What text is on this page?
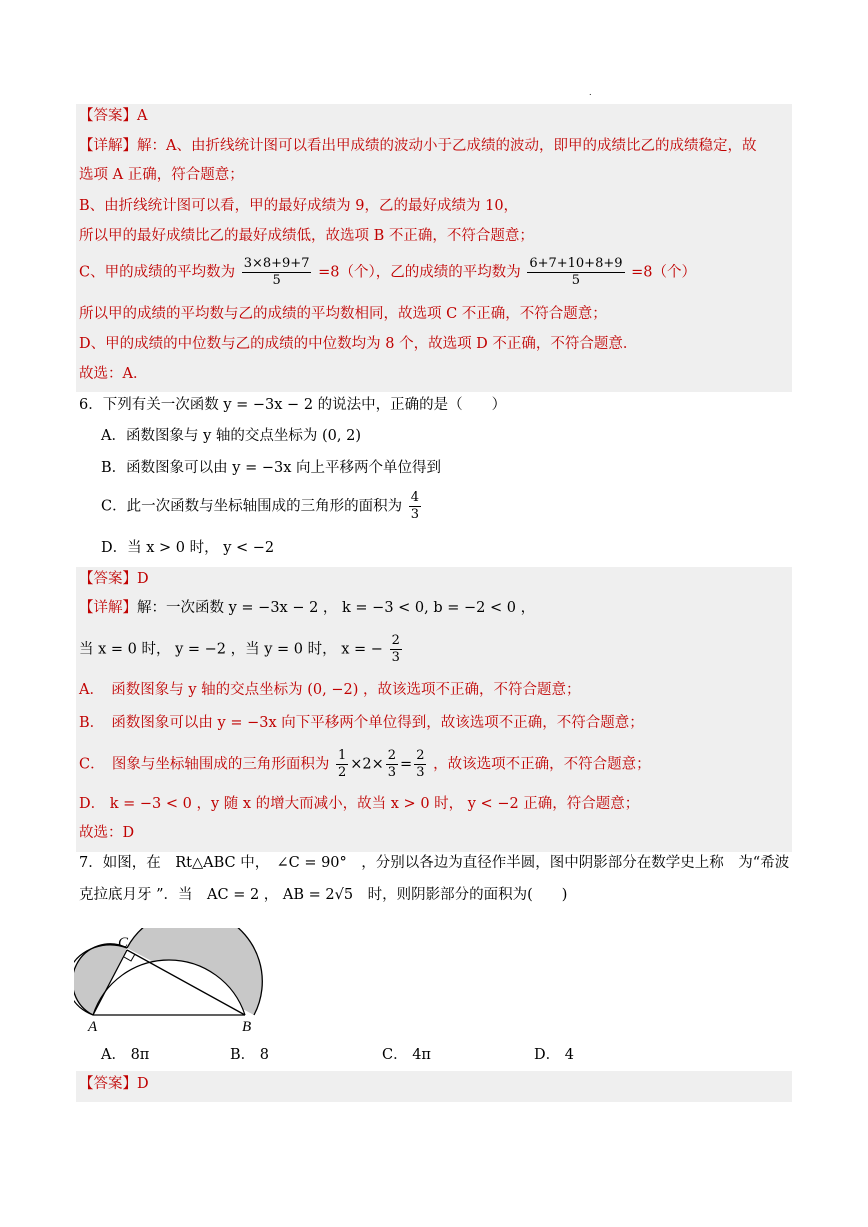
.
【答案】A
【详解】解：A、由折线统计图可以看出甲成绩的波动小于乙成绩的波动，即甲的成绩比乙的成绩稳定，故
选项 A 正确，符合题意；
B、由折线统计图可以看，甲的最好成绩为 9，乙的最好成绩为 10，
所以甲的最好成绩比乙的最好成绩低，故选项 B 不正确，不符合题意；
C、甲的成绩的平均数为 $\frac{3\times 8+9+7}{5} =8$（个），乙的成绩的平均数为 $\frac{6+7+10+8+9}{5} =8$（个）
所以甲的成绩的平均数与乙的成绩的平均数相同，故选项 C 不正确，不符合题意；
D、甲的成绩的中位数与乙的成绩的中位数均为 8 个，故选项 D 不正确，不符合题意．
故选：A．
6．下列有关一次函数 y = −3x − 2 的说法中，正确的是（　　）
A．函数图象与 y 轴的交点坐标为 (0, 2)
B．函数图象可以由 y = −3x 向上平移两个单位得到
C．此一次函数与坐标轴围成的三角形的面积为 $\frac{4}{3}$
D．当 x > 0 时， y < −2
【答案】D
【详解】解：一次函数 y = −3x − 2 ， k = −3 < 0, b = −2 < 0 ，
当 x = 0 时， y = −2 ，当 y = 0 时， x = − $\frac{2}{3}$
A．　函数图象与 y 轴的交点坐标为 (0, −2) ，故该选项不正确，不符合题意；
B．　函数图象可以由 y = −3x 向下平移两个单位得到，故该选项不正确，不符合题意；
C．　图象与坐标轴围成的三角形面积为 $\frac{1}{2} \times 2\times \frac{2}{3} = \frac{2}{3}$ ，故该选项不正确，不符合题意；
D． k = −3 < 0 ，y 随 x 的增大而减小，故当 x > 0 时， y < −2 正确，符合题意；
故选：D
7．如图，在　Rt△ABC 中，　∠C = 90°　，分别以各边为直径作半圆，图中阴影部分在数学史上称　为“希波
克拉底月牙 ”．当　AC = 2 ， AB = 2√5　时，则阴影部分的面积为(　　)
C
A	B
A． 8π	B． 8	C． 4π	D． 4
【答案】D
